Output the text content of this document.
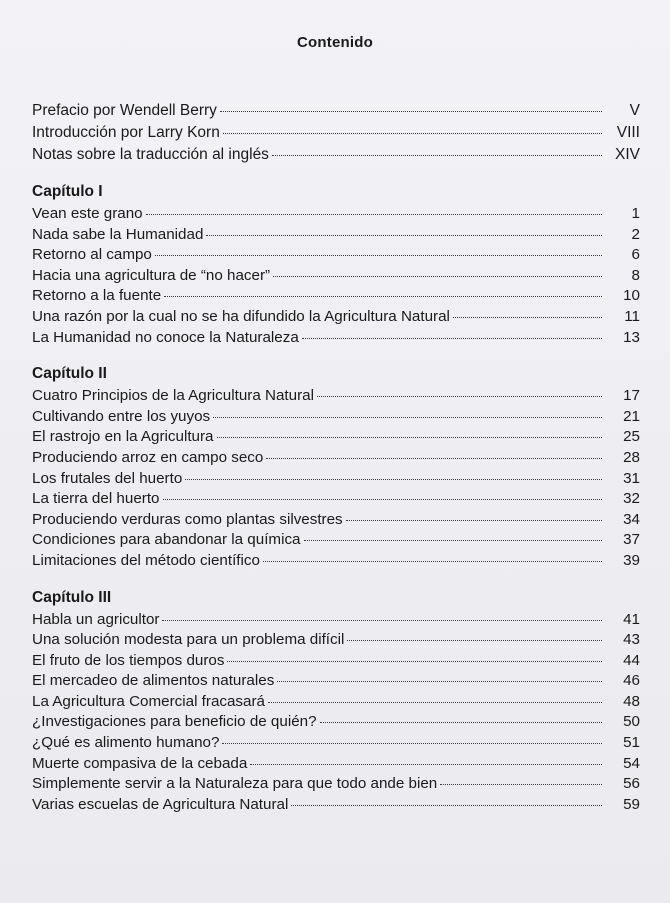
Contenido
Prefacio por Wendell Berry	V
Introducción por Larry Korn	VIII
Notas sobre la traducción al inglés	XIV
Capítulo I
Vean este grano	1
Nada sabe la Humanidad	2
Retorno al campo	6
Hacia una agricultura de “no hacer”	8
Retorno a la fuente	10
Una razón por la cual no se ha difundido la Agricultura Natural	11
La Humanidad no conoce la Naturaleza	13
Capítulo II
Cuatro Principios de la Agricultura Natural	17
Cultivando entre los yuyos	21
El rastrojo en la Agricultura	25
Produciendo arroz en campo seco	28
Los frutales del huerto	31
La tierra del huerto	32
Produciendo verduras como plantas silvestres	34
Condiciones para abandonar la química	37
Limitaciones del método científico	39
Capítulo III
Habla un agricultor	41
Una solución modesta para un problema difícil	43
El fruto de los tiempos duros	44
El mercadeo de alimentos naturales	46
La Agricultura Comercial fracasará	48
¿Investigaciones para beneficio de quién?	50
¿Qué es alimento humano?	51
Muerte compasiva de la cebada	54
Simplemente servir a la Naturaleza para que todo ande bien	56
Varias escuelas de Agricultura Natural	59
